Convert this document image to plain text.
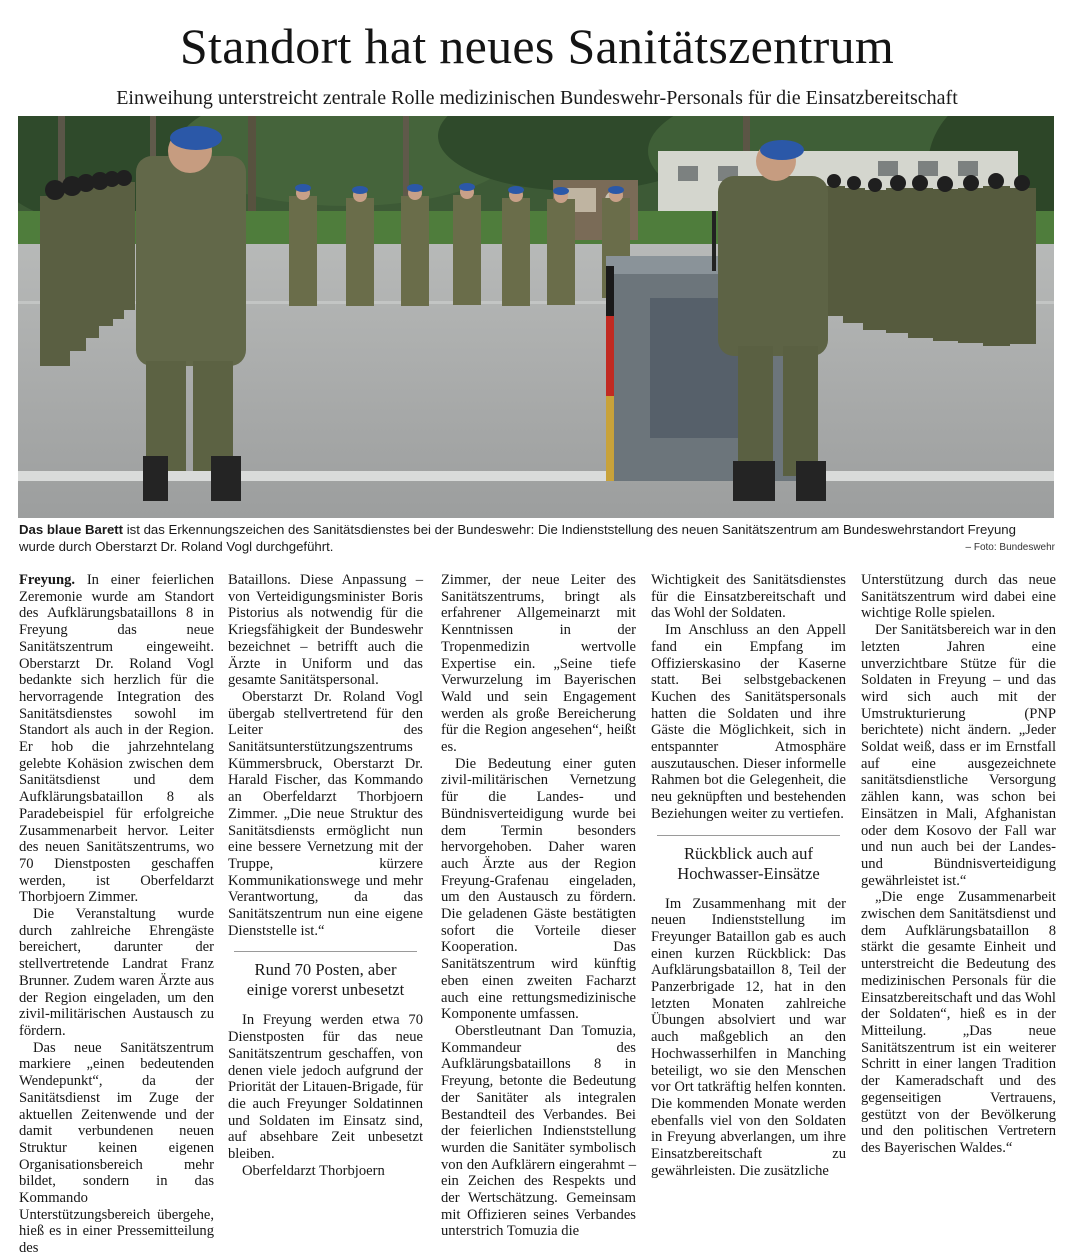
Standort hat neues Sanitätszentrum
Einweihung unterstreicht zentrale Rolle medizinischen Bundeswehr-Personals für die Einsatzbereitschaft
Das blaue Barett ist das Erkennungszeichen des Sanitätsdienstes bei der Bundeswehr: Die Indienststellung des neuen Sanitätszentrum am Bundeswehrstandort Freyung wurde durch Oberstarzt Dr. Roland Vogl durchgeführt.	– Foto: Bundeswehr

Freyung. In einer feierlichen Zeremonie wurde am Standort des Aufklärungsbataillons 8 in Freyung das neue Sanitätszentrum eingeweiht. Oberstarzt Dr. Roland Vogl bedankte sich herzlich für die hervorragende Integration des Sanitätsdienstes sowohl im Standort als auch in der Region. Er hob die jahrzehntelang gelebte Kohäsion zwischen dem Sanitätsdienst und dem Aufklärungsbataillon 8 als Paradebeispiel für erfolgreiche Zusammenarbeit hervor. Leiter des neuen Sanitätszentrums, wo 70 Dienstposten geschaffen werden, ist Oberfeldarzt Thorbjoern Zimmer.

Die Veranstaltung wurde durch zahlreiche Ehrengäste bereichert, darunter der stellvertretende Landrat Franz Brunner. Zudem waren Ärzte aus der Region eingeladen, um den zivil-militärischen Austausch zu fördern.

Das neue Sanitätszentrum markiere „einen bedeutenden Wendepunkt“, da der Sanitätsdienst im Zuge der aktuellen Zeitenwende und der damit verbundenen neuen Struktur keinen eigenen Organisationsbereich mehr bildet, sondern in das Kommando Unterstützungsbereich übergehe, hieß es in einer Pressemitteilung des

Bataillons. Diese Anpassung – von Verteidigungsminister Boris Pistorius als notwendig für die Kriegsfähigkeit der Bundeswehr bezeichnet – betrifft auch die Ärzte in Uniform und das gesamte Sanitätspersonal.

Oberstarzt Dr. Roland Vogl übergab stellvertretend für den Leiter des Sanitätsunterstützungszentrums Kümmersbruck, Oberstarzt Dr. Harald Fischer, das Kommando an Oberfeldarzt Thorbjoern Zimmer. „Die neue Struktur des Sanitätsdiensts ermöglicht nun eine bessere Vernetzung mit der Truppe, kürzere Kommunikationswege und mehr Verantwortung, da das Sanitätszentrum nun eine eigene Dienststelle ist.“

Rund 70 Posten, aber einige vorerst unbesetzt

In Freyung werden etwa 70 Dienstposten für das neue Sanitätszentrum geschaffen, von denen viele jedoch aufgrund der Priorität der Litauen-Brigade, für die auch Freyunger Soldatinnen und Soldaten im Einsatz sind, auf absehbare Zeit unbesetzt bleiben.

Oberfeldarzt Thorbjoern

Zimmer, der neue Leiter des Sanitätszentrums, bringt als erfahrener Allgemeinarzt mit Kenntnissen in der Tropenmedizin wertvolle Expertise ein. „Seine tiefe Verwurzelung im Bayerischen Wald und sein Engagement werden als große Bereicherung für die Region angesehen“, heißt es.

Die Bedeutung einer guten zivil-militärischen Vernetzung für die Landes- und Bündnisverteidigung wurde bei dem Termin besonders hervorgehoben. Daher waren auch Ärzte aus der Region Freyung-Grafenau eingeladen, um den Austausch zu fördern. Die geladenen Gäste bestätigten sofort die Vorteile dieser Kooperation. Das Sanitätszentrum wird künftig eben einen zweiten Facharzt auch eine rettungsmedizinische Komponente umfassen.

Oberstleutnant Dan Tomuzia, Kommandeur des Aufklärungsbataillons 8 in Freyung, betonte die Bedeutung der Sanitäter als integralen Bestandteil des Verbandes. Bei der feierlichen Indienststellung wurden die Sanitäter symbolisch von den Aufklärern eingerahmt – ein Zeichen des Respekts und der Wertschätzung. Gemeinsam mit Offizieren seines Verbandes unterstrich Tomuzia die

Wichtigkeit des Sanitätsdienstes für die Einsatzbereitschaft und das Wohl der Soldaten.

Im Anschluss an den Appell fand ein Empfang im Offizierskasino der Kaserne statt. Bei selbstgebackenen Kuchen des Sanitätspersonals hatten die Soldaten und ihre Gäste die Möglichkeit, sich in entspannter Atmosphäre auszutauschen. Dieser informelle Rahmen bot die Gelegenheit, die neu geknüpften und bestehenden Beziehungen weiter zu vertiefen.

Rückblick auch auf Hochwasser-Einsätze

Im Zusammenhang mit der neuen Indienststellung im Freyunger Bataillon gab es auch einen kurzen Rückblick: Das Aufklärungsbataillon 8, Teil der Panzerbrigade 12, hat in den letzten Monaten zahlreiche Übungen absolviert und war auch maßgeblich an den Hochwasserhilfen in Manching beteiligt, wo sie den Menschen vor Ort tatkräftig helfen konnten. Die kommenden Monate werden ebenfalls viel von den Soldaten in Freyung abverlangen, um ihre Einsatzbereitschaft zu gewährleisten. Die zusätzliche

Unterstützung durch das neue Sanitätszentrum wird dabei eine wichtige Rolle spielen.

Der Sanitätsbereich war in den letzten Jahren eine unverzichtbare Stütze für die Soldaten in Freyung – und das wird sich auch mit der Umstrukturierung (PNP berichtete) nicht ändern. „Jeder Soldat weiß, dass er im Ernstfall auf eine ausgezeichnete sanitätsdienstliche Versorgung zählen kann, was schon bei Einsätzen in Mali, Afghanistan oder dem Kosovo der Fall war und nun auch bei der Landes- und Bündnisverteidigung gewährleistet ist.“

„Die enge Zusammenarbeit zwischen dem Sanitätsdienst und dem Aufklärungsbataillon 8 stärkt die gesamte Einheit und unterstreicht die Bedeutung des medizinischen Personals für die Einsatzbereitschaft und das Wohl der Soldaten“, hieß es in der Mitteilung. „Das neue Sanitätszentrum ist ein weiterer Schritt in einer langen Tradition der Kameradschaft und des gegenseitigen Vertrauens, gestützt von der Bevölkerung und den politischen Vertretern des Bayerischen Waldes.“
